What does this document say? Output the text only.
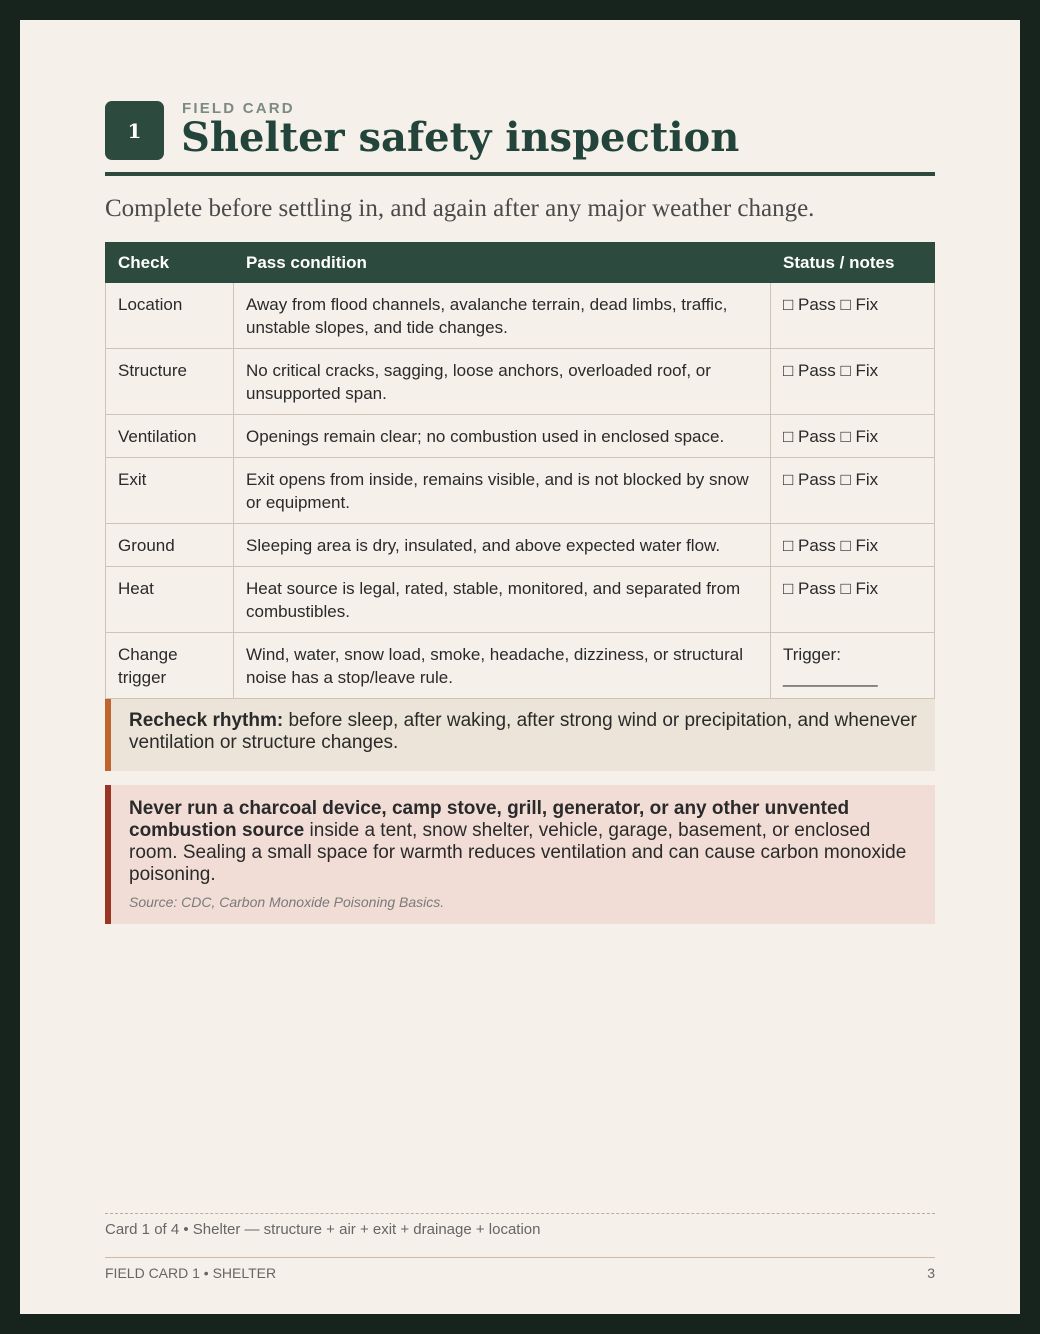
1
FIELD CARD
Shelter safety inspection

Complete before settling in, and again after any major weather change.

Check	Pass condition	Status / notes
Location	Away from flood channels, avalanche terrain, dead limbs, traffic, unstable slopes, and tide changes.	□ Pass □ Fix
Structure	No critical cracks, sagging, loose anchors, overloaded roof, or unsupported span.	□ Pass □ Fix
Ventilation	Openings remain clear; no combustion used in enclosed space.	□ Pass □ Fix
Exit	Exit opens from inside, remains visible, and is not blocked by snow or equipment.	□ Pass □ Fix
Ground	Sleeping area is dry, insulated, and above expected water flow.	□ Pass □ Fix
Heat	Heat source is legal, rated, stable, monitored, and separated from combustibles.	□ Pass □ Fix
Change trigger	Wind, water, snow load, smoke, headache, dizziness, or structural noise has a stop/leave rule.	Trigger: __________
Recheck rhythm: before sleep, after waking, after strong wind or precipitation, and whenever ventilation or structure changes.
Never run a charcoal device, camp stove, grill, generator, or any other unvented combustion source inside a tent, snow shelter, vehicle, garage, basement, or enclosed room. Sealing a small space for warmth reduces ventilation and can cause carbon monoxide poisoning.
Source: CDC, Carbon Monoxide Poisoning Basics.
Card 1 of 4 • Shelter — structure + air + exit + drainage + location
FIELD CARD 1 • SHELTER	3
